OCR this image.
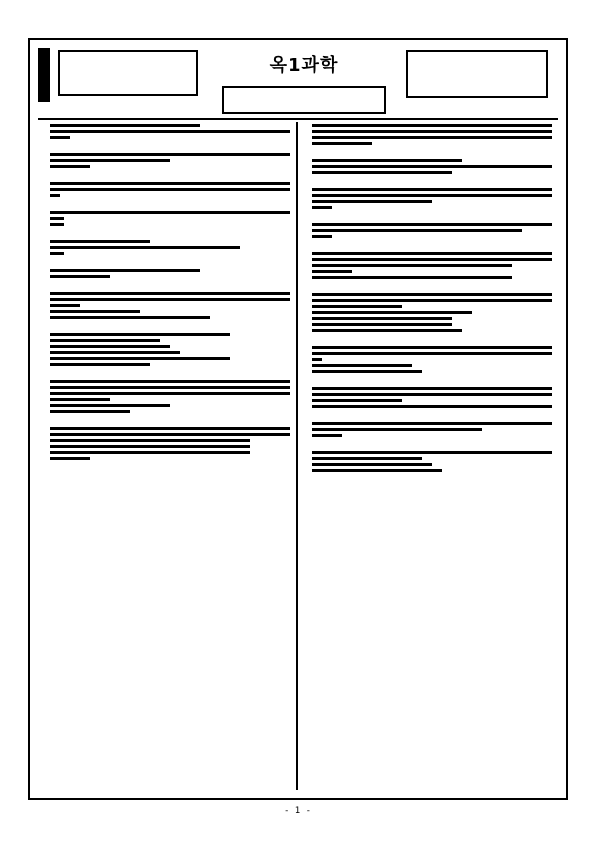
옥1과학
- 1 -
